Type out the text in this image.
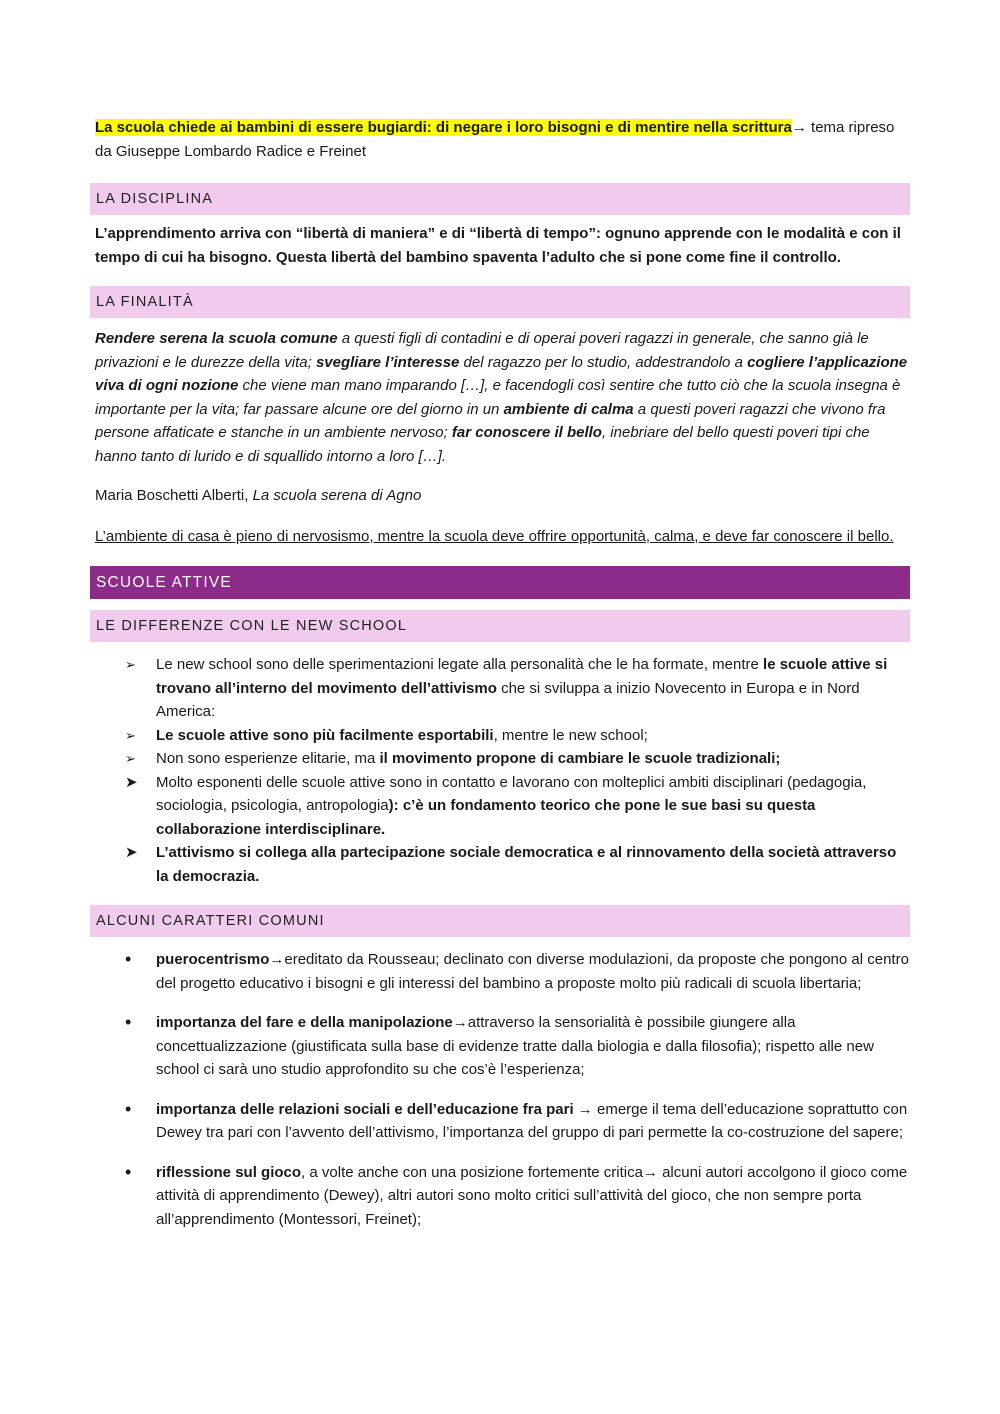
La scuola chiede ai bambini di essere bugiardi: di negare i loro bisogni e di mentire nella scrittura→ tema ripreso da Giuseppe Lombardo Radice e Freinet

LA DISCIPLINA

L’apprendimento arriva con “libertà di maniera” e di “libertà di tempo”: ognuno apprende con le modalità e con il tempo di cui ha bisogno. Questa libertà del bambino spaventa l’adulto che si pone come fine il controllo.

LA FINALITÀ

Rendere serena la scuola comune a questi figli di contadini e di operai poveri ragazzi in generale, che sanno già le privazioni e le durezze della vita; svegliare l’interesse del ragazzo per lo studio, addestrandolo a cogliere l’applicazione viva di ogni nozione che viene man mano imparando […], e facendogli così sentire che tutto ciò che la scuola insegna è importante per la vita; far passare alcune ore del giorno in un ambiente di calma a questi poveri ragazzi che vivono fra persone affaticate e stanche in un ambiente nervoso; far conoscere il bello, inebriare del bello questi poveri tipi che hanno tanto di lurido e di squallido intorno a loro […].

Maria Boschetti Alberti, La scuola serena di Agno

L’ambiente di casa è pieno di nervosismo, mentre la scuola deve offrire opportunità, calma, e deve far conoscere il bello.

SCUOLE ATTIVE
LE DIFFERENZE CON LE NEW SCHOOL
➢ Le new school sono delle sperimentazioni legate alla personalità che le ha formate, mentre le scuole attive si trovano all’interno del movimento dell’attivismo che si sviluppa a inizio Novecento in Europa e in Nord America:
➢ Le scuole attive sono più facilmente esportabili, mentre le new school;
➢ Non sono esperienze elitarie, ma il movimento propone di cambiare le scuole tradizionali;
➤ Molto esponenti delle scuole attive sono in contatto e lavorano con molteplici ambiti disciplinari (pedagogia, sociologia, psicologia, antropologia): c’è un fondamento teorico che pone le sue basi su questa collaborazione interdisciplinare.
➤ L’attivismo si collega alla partecipazione sociale democratica e al rinnovamento della società attraverso la democrazia.
ALCUNI CARATTERI COMUNI
• puerocentrismo→ereditato da Rousseau; declinato con diverse modulazioni, da proposte che pongono al centro del progetto educativo i bisogni e gli interessi del bambino a proposte molto più radicali di scuola libertaria;
• importanza del fare e della manipolazione→attraverso la sensorialità è possibile giungere alla concettualizzazione (giustificata sulla base di evidenze tratte dalla biologia e dalla filosofia); rispetto alle new school ci sarà uno studio approfondito su che cos’è l’esperienza;
• importanza delle relazioni sociali e dell’educazione fra pari → emerge il tema dell’educazione soprattutto con Dewey tra pari con l’avvento dell’attivismo, l’importanza del gruppo di pari permette la co-costruzione del sapere;
• riflessione sul gioco, a volte anche con una posizione fortemente critica→ alcuni autori accolgono il gioco come attività di apprendimento (Dewey), altri autori sono molto critici sull’attività del gioco, che non sempre porta all’apprendimento (Montessori, Freinet);
